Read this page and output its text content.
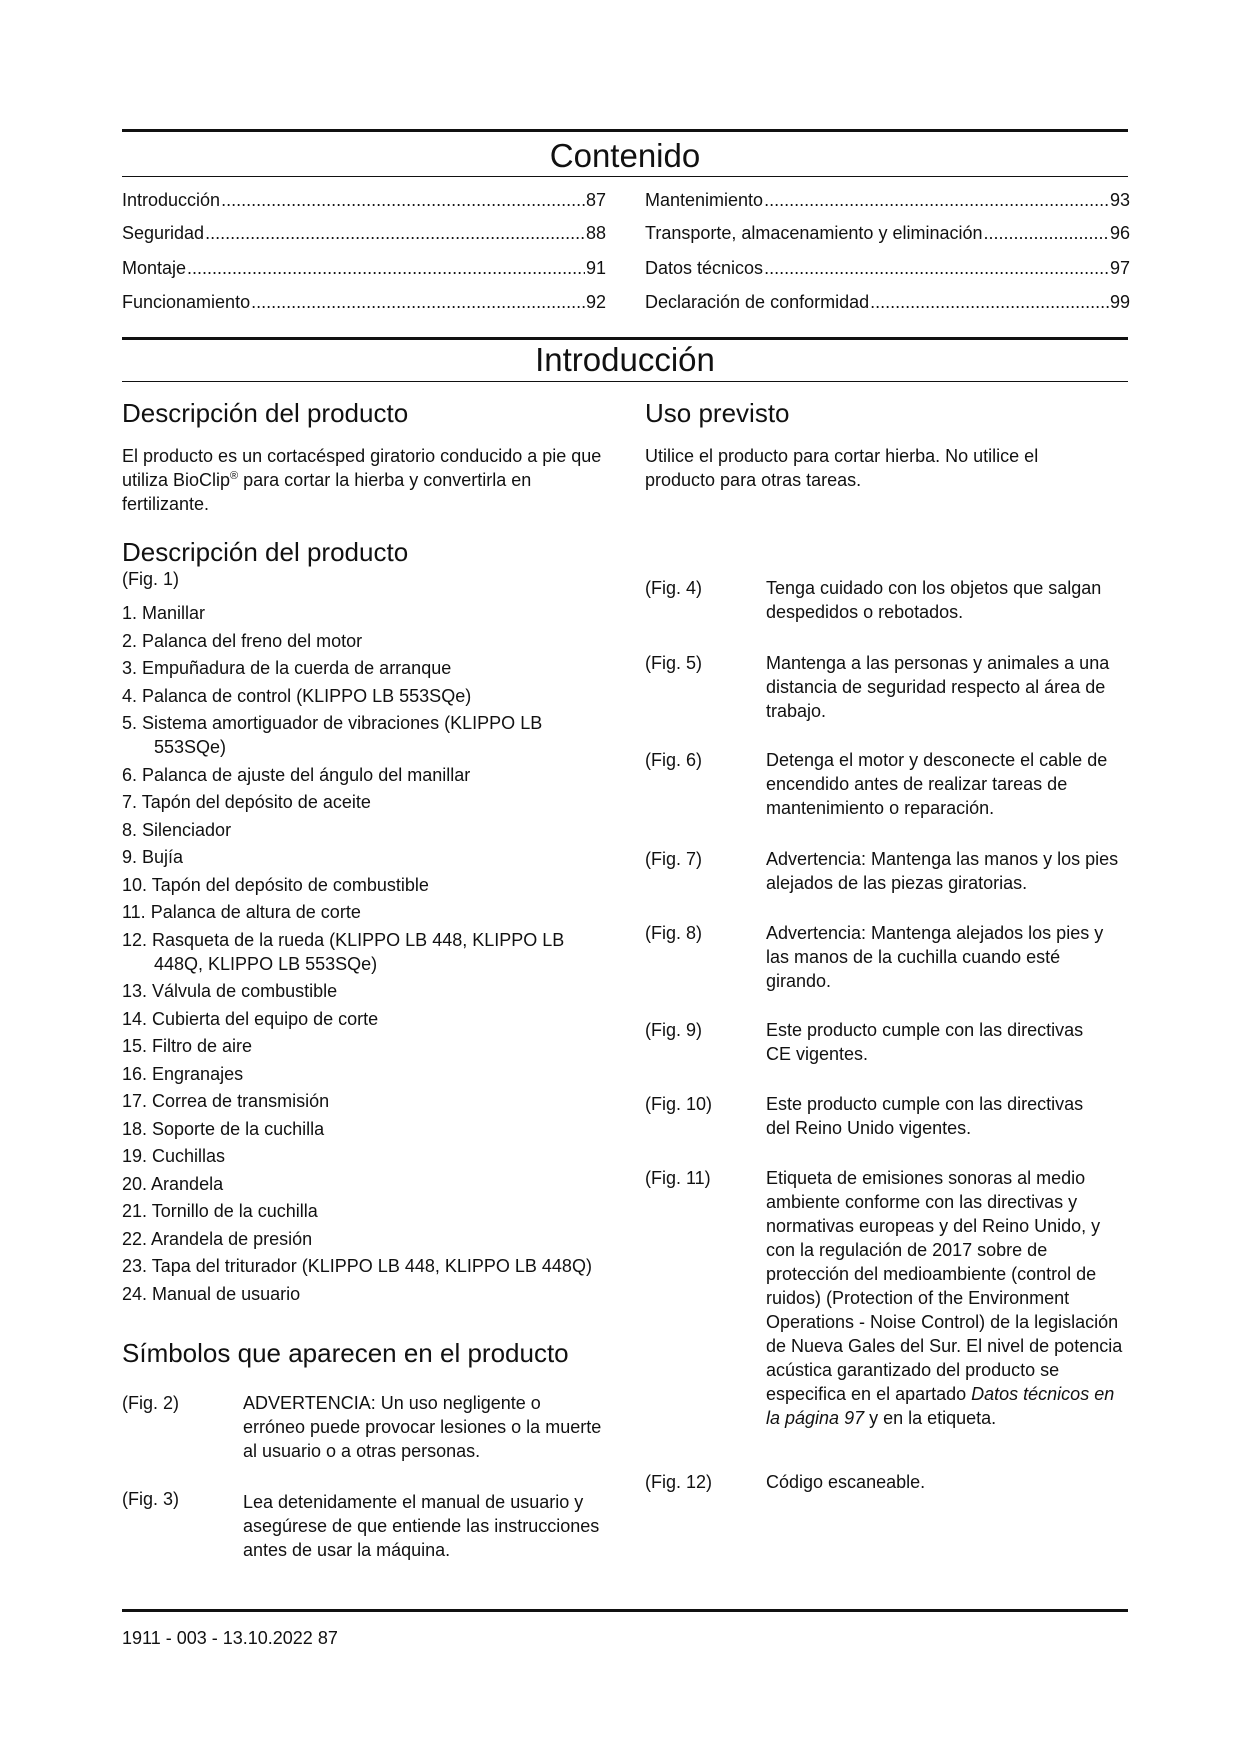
Contenido
Introducción .....	87
Seguridad .....	88
Montaje .....	91
Funcionamiento .....	92
Mantenimiento .....	93
Transporte, almacenamiento y eliminación .....	96
Datos técnicos .....	97
Declaración de conformidad .....	99
Introducción
Descripción del producto

El producto es un cortacésped giratorio conducido a pie que utiliza BioClip® para cortar la hierba y convertirla en fertilizante.

Uso previsto

Utilice el producto para cortar hierba. No utilice el producto para otras tareas.

Descripción del producto
(Fig. 1)
1. Manillar
2. Palanca del freno del motor
3. Empuñadura de la cuerda de arranque
4. Palanca de control (KLIPPO LB 553SQe)
5. Sistema amortiguador de vibraciones (KLIPPO LB 553SQe)
6. Palanca de ajuste del ángulo del manillar
7. Tapón del depósito de aceite
8. Silenciador
9. Bujía
10. Tapón del depósito de combustible
11. Palanca de altura de corte
12. Rasqueta de la rueda (KLIPPO LB 448, KLIPPO LB 448Q, KLIPPO LB 553SQe)
13. Válvula de combustible
14. Cubierta del equipo de corte
15. Filtro de aire
16. Engranajes
17. Correa de transmisión
18. Soporte de la cuchilla
19. Cuchillas
20. Arandela
21. Tornillo de la cuchilla
22. Arandela de presión
23. Tapa del triturador (KLIPPO LB 448, KLIPPO LB 448Q)
24. Manual de usuario
Símbolos que aparecen en el producto
(Fig. 2)	ADVERTENCIA: Un uso negligente o erróneo puede provocar lesiones o la muerte al usuario o a otras personas.
(Fig. 3)	Lea detenidamente el manual de usuario y asegúrese de que entiende las instrucciones antes de usar la máquina.
(Fig. 4)	Tenga cuidado con los objetos que salgan despedidos o rebotados.
(Fig. 5)	Mantenga a las personas y animales a una distancia de seguridad respecto al área de trabajo.
(Fig. 6)	Detenga el motor y desconecte el cable de encendido antes de realizar tareas de mantenimiento o reparación.
(Fig. 7)	Advertencia: Mantenga las manos y los pies alejados de las piezas giratorias.
(Fig. 8)	Advertencia: Mantenga alejados los pies y las manos de la cuchilla cuando esté girando.
(Fig. 9)	Este producto cumple con las directivas CE vigentes.
(Fig. 10)	Este producto cumple con las directivas del Reino Unido vigentes.
(Fig. 11)	Etiqueta de emisiones sonoras al medio ambiente conforme con las directivas y normativas europeas y del Reino Unido, y con la regulación de 2017 sobre de protección del medioambiente (control de ruidos) (Protection of the Environment Operations - Noise Control) de la legislación de Nueva Gales del Sur. El nivel de potencia acústica garantizado del producto se especifica en el apartado Datos técnicos en la página 97 y en la etiqueta.
(Fig. 12)	Código escaneable.
1911 - 003 - 13.10.2022 87
